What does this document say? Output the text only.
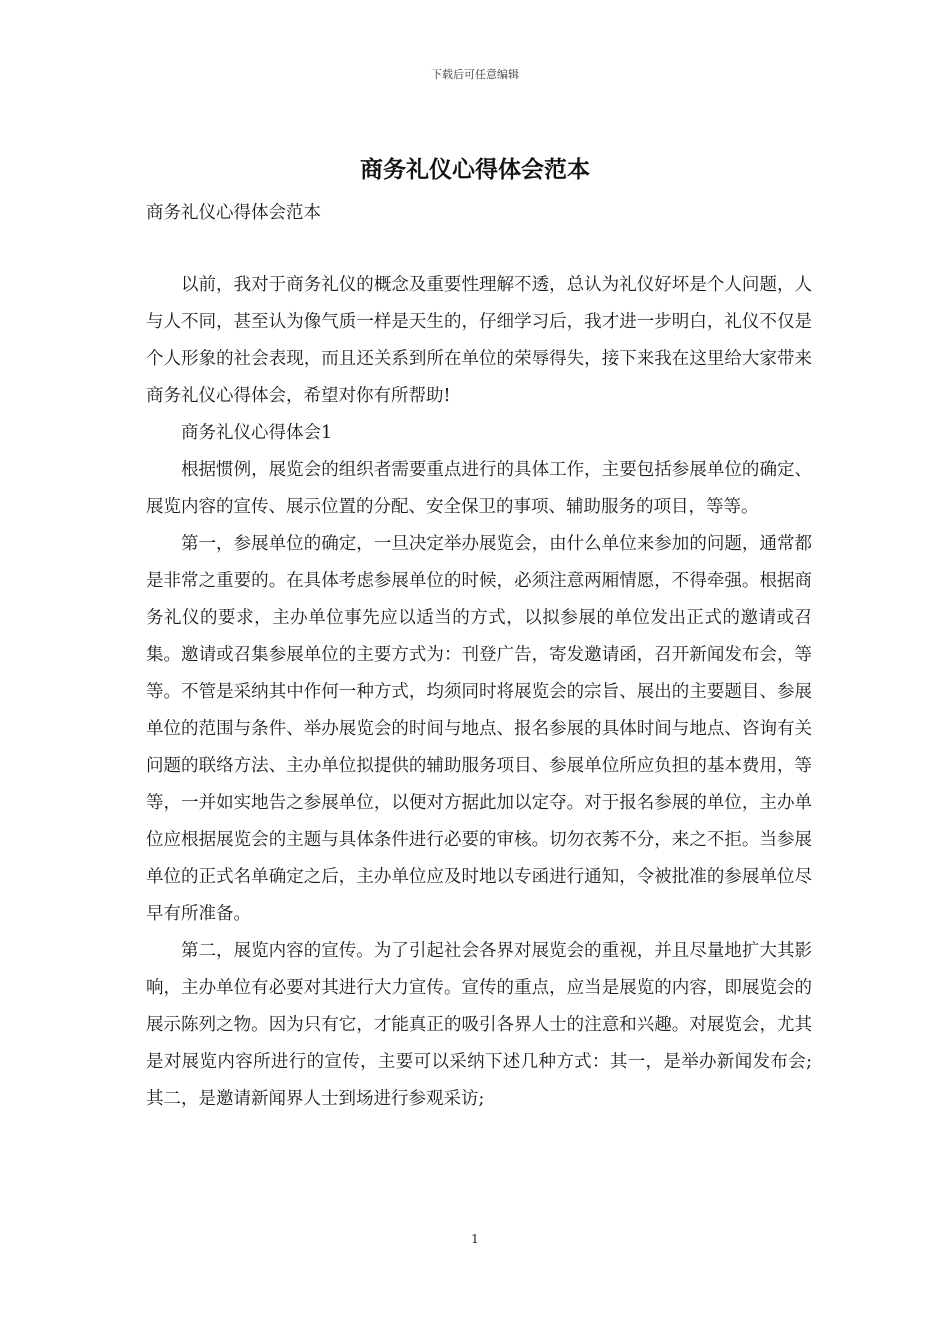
下载后可任意编辑
商务礼仪心得体会范本
商务礼仪心得体会范本

以前，我对于商务礼仪的概念及重要性理解不透，总认为礼仪好坏是个人问题，人与人不同，甚至认为像气质一样是天生的，仔细学习后，我才进一步明白，礼仪不仅是个人形象的社会表现，而且还关系到所在单位的荣辱得失，接下来我在这里给大家带来商务礼仪心得体会，希望对你有所帮助!

商务礼仪心得体会1

根据惯例，展览会的组织者需要重点进行的具体工作，主要包括参展单位的确定、展览内容的宣传、展示位置的分配、安全保卫的事项、辅助服务的项目，等等。

第一，参展单位的确定，一旦决定举办展览会，由什么单位来参加的问题，通常都是非常之重要的。在具体考虑参展单位的时候，必须注意两厢情愿，不得牵强。根据商务礼仪的要求，主办单位事先应以适当的方式，以拟参展的单位发出正式的邀请或召集。邀请或召集参展单位的主要方式为：刊登广告，寄发邀请函，召开新闻发布会，等等。不管是采纳其中作何一种方式，均须同时将展览会的宗旨、展出的主要题目、参展单位的范围与条件、举办展览会的时间与地点、报名参展的具体时间与地点、咨询有关问题的联络方法、主办单位拟提供的辅助服务项目、参展单位所应负担的基本费用，等等，一并如实地告之参展单位，以便对方据此加以定夺。对于报名参展的单位，主办单位应根据展览会的主题与具体条件进行必要的审核。切勿衣莠不分，来之不拒。当参展单位的正式名单确定之后，主办单位应及时地以专函进行通知，令被批准的参展单位尽早有所准备。

第二，展览内容的宣传。为了引起社会各界对展览会的重视，并且尽量地扩大其影响，主办单位有必要对其进行大力宣传。宣传的重点，应当是展览的内容，即展览会的展示陈列之物。因为只有它，才能真正的吸引各界人士的注意和兴趣。对展览会，尤其是对展览内容所进行的宣传，主要可以采纳下述几种方式：其一，是举办新闻发布会;其二，是邀请新闻界人士到场进行参观采访;

1
